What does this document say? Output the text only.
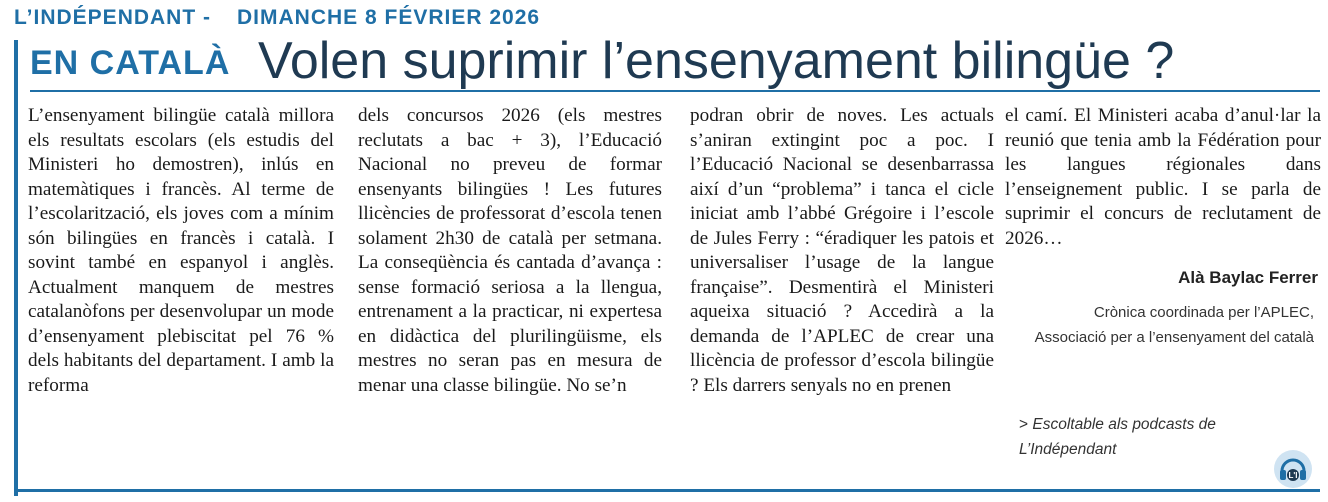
L’INDÉPENDANT - DIMANCHE 8 FÉVRIER 2026
EN CATALÀ Volen suprimir l’ensenyament bilingüe ?
L’ensenyament bilingüe català millora els resultats escolars (els estudis del Ministeri ho demostren), inlús en matemàtiques i francès. Al terme de l’escolarització, els joves com a mínim són bilingües en francès i català. I sovint també en espanyol i anglès. Actualment manquem de mestres catalanòfons per desenvolupar un mode d’ensenyament plebiscitat pel 76 % dels habitants del departament. I amb la reforma
dels concursos 2026 (els mestres reclutats a bac + 3), l’Educació Nacional no preveu de formar ensenyants bilingües ! Les futures llicències de professorat d’escola tenen solament 2h30 de català per setmana. La conseqüència és cantada d’avança : sense formació seriosa a la llengua, entrenament a la practicar, ni expertesa en didàctica del plurilingüisme, els mestres no seran pas en mesura de menar una classe bilingüe. No se’n
podran obrir de noves. Les actuals s’aniran extingint poc a poc. I l’Educació Nacional se desenbarrassa així d’un “problema” i tanca el cicle iniciat amb l’abbé Grégoire i l’escole de Jules Ferry : “éradiquer les patois et universaliser l’usage de la langue française”. Desmentirà el Ministeri aqueixa situació ? Accedirà a la demanda de l’APLEC de crear una llicència de professor d’escola bilingüe ? Els darrers senyals no en prenen
el camí. El Ministeri acaba d’anul·lar la reunió que tenia amb la Fédération pour les langues régionales dans l’enseignement public. I se parla de suprimir el concurs de reclutament de 2026…
Alà Baylac Ferrer
Crònica coordinada per l’APLEC, Associació per a l’ensenyament del català
> Escoltable als podcasts de L’Indépendant
L'I
